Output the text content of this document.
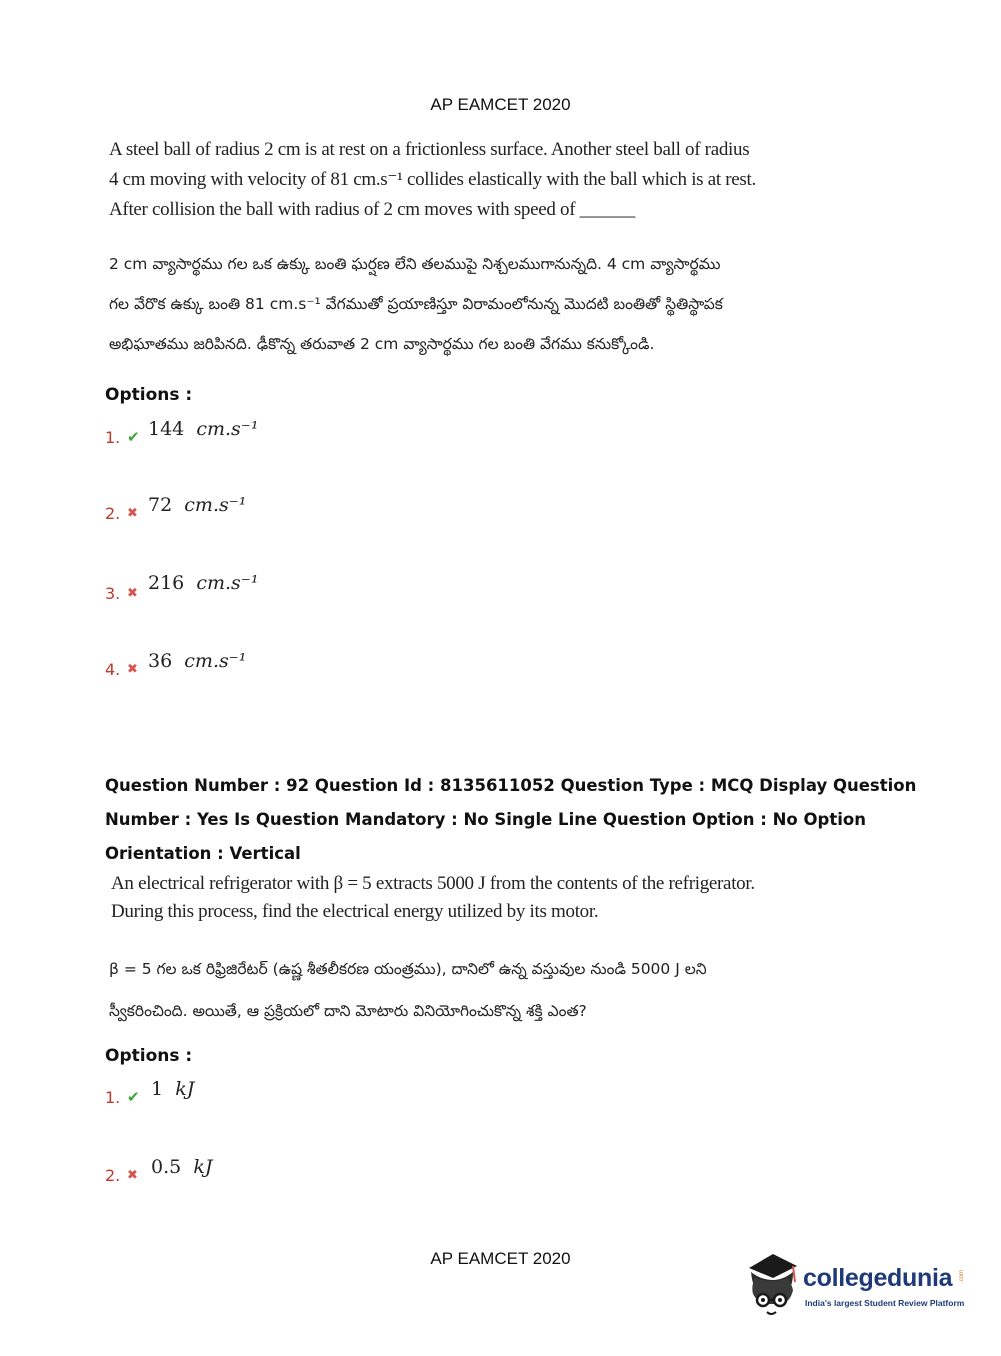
AP EAMCET 2020
A steel ball of radius 2 cm is at rest on a frictionless surface. Another steel ball of radius
4 cm moving with velocity of 81 cm.s⁻¹ collides elastically with the ball which is at rest.
After collision the ball with radius of 2 cm moves with speed of ______
2 cm వ్యాసార్థము గల ఒక ఉక్కు బంతి ఘర్షణ లేని తలముపై నిశ్చలముగానున్నది. 4 cm వ్యాసార్థము
గల వేరొక ఉక్కు బంతి 81 cm.s⁻¹ వేగముతో ప్రయాణిస్తూ విరామంలోనున్న మొదటి బంతితో స్థితిస్థాపక
అభిఘాతము జరిపినది. ఢీకొన్న తరువాత 2 cm వ్యాసార్థము గల బంతి వేగము కనుక్కోండి.
Options :
1. ✔ 144 cm.s⁻¹
2. ✖ 72 cm.s⁻¹
3. ✖ 216 cm.s⁻¹
4. ✖ 36 cm.s⁻¹
Question Number : 92 Question Id : 8135611052 Question Type : MCQ Display Question
Number : Yes Is Question Mandatory : No Single Line Question Option : No Option
Orientation : Vertical
An electrical refrigerator with β = 5 extracts 5000 J from the contents of the refrigerator.
During this process, find the electrical energy utilized by its motor.
β = 5 గల ఒక రిఫ్రిజిరేటర్ (ఉష్ణ శీతలీకరణ యంత్రము), దానిలో ఉన్న వస్తువుల నుండి 5000 J లని
స్వీకరించింది. అయితే, ఆ ప్రక్రియలో దాని మోటారు వినియోగించుకొన్న శక్తి ఎంత?
Options :
1. ✔ 1 kJ
2. ✖ 0.5 kJ
AP EAMCET 2020
collegedunia .com
India's largest Student Review Platform
